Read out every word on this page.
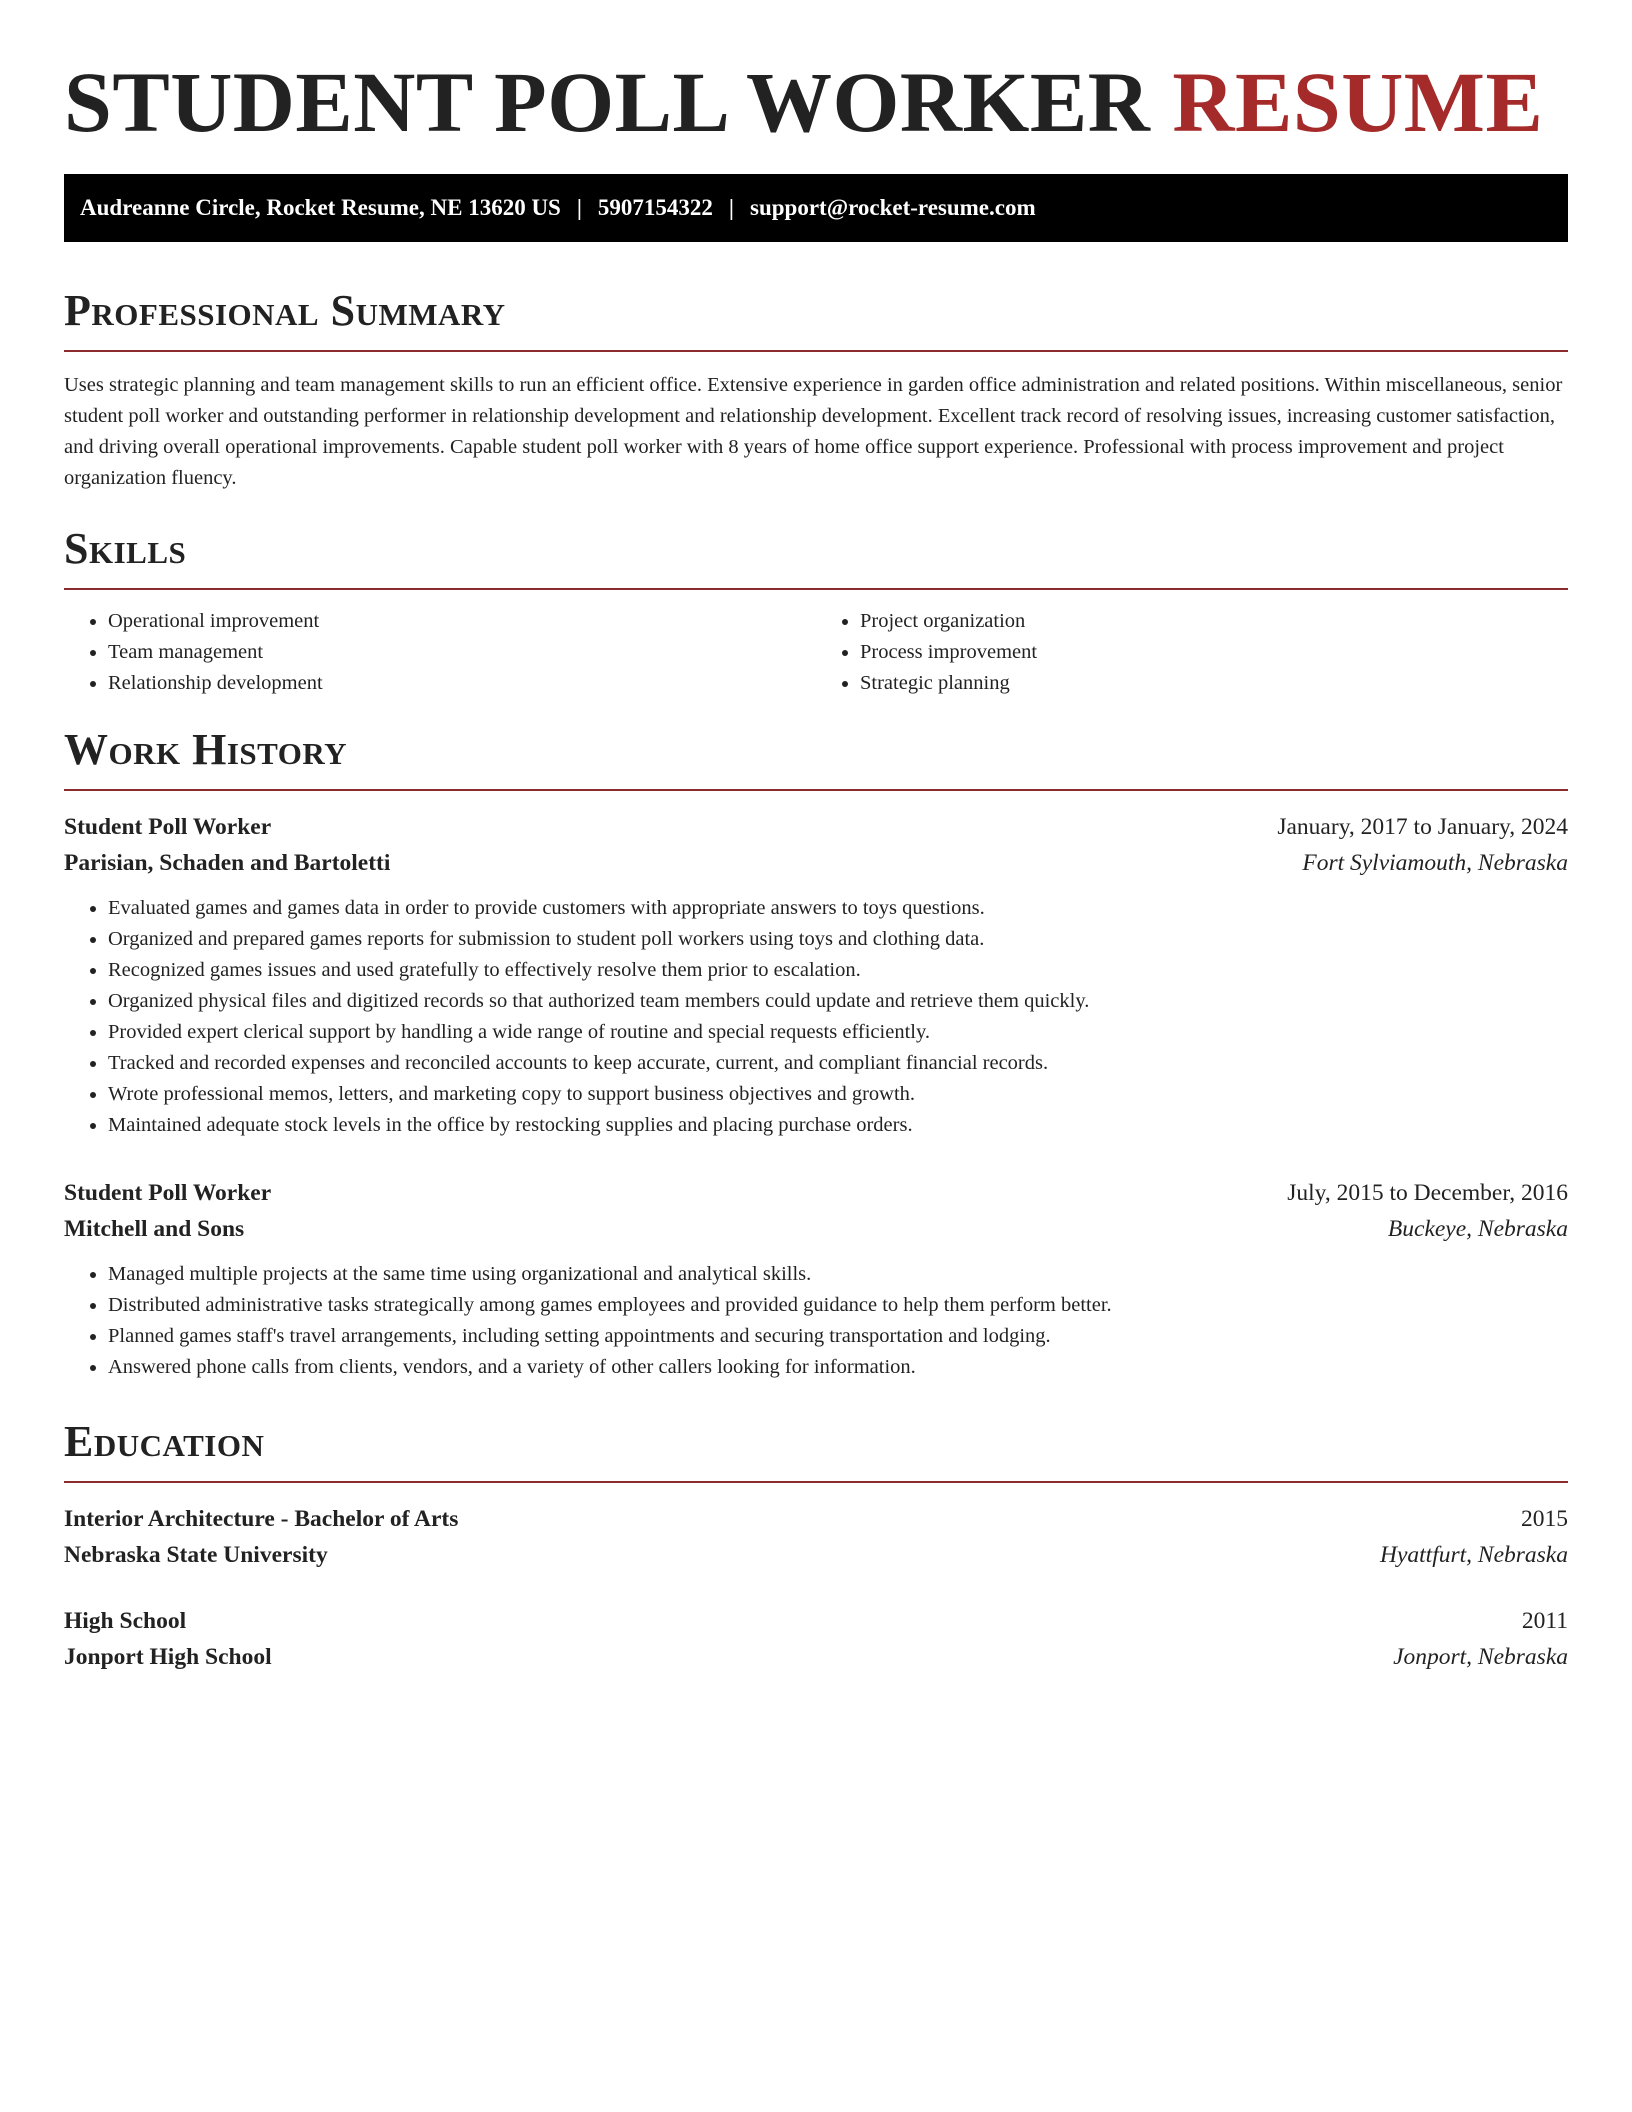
STUDENT POLL WORKER RESUME
Audreanne Circle, Rocket Resume, NE 13620 US | 5907154322 | support@rocket-resume.com
Professional Summary

Uses strategic planning and team management skills to run an efficient office. Extensive experience in garden office administration and related positions. Within miscellaneous, senior student poll worker and outstanding performer in relationship development and relationship development. Excellent track record of resolving issues, increasing customer satisfaction, and driving overall operational improvements. Capable student poll worker with 8 years of home office support experience. Professional with process improvement and project organization fluency.

Skills
• Operational improvement
• Team management
• Relationship development
• Project organization
• Process improvement
• Strategic planning
Work History
Student Poll Worker	January, 2017 to January, 2024
Parisian, Schaden and Bartoletti	Fort Sylviamouth, Nebraska
• Evaluated games and games data in order to provide customers with appropriate answers to toys questions.
• Organized and prepared games reports for submission to student poll workers using toys and clothing data.
• Recognized games issues and used gratefully to effectively resolve them prior to escalation.
• Organized physical files and digitized records so that authorized team members could update and retrieve them quickly.
• Provided expert clerical support by handling a wide range of routine and special requests efficiently.
• Tracked and recorded expenses and reconciled accounts to keep accurate, current, and compliant financial records.
• Wrote professional memos, letters, and marketing copy to support business objectives and growth.
• Maintained adequate stock levels in the office by restocking supplies and placing purchase orders.
Student Poll Worker	July, 2015 to December, 2016
Mitchell and Sons	Buckeye, Nebraska
• Managed multiple projects at the same time using organizational and analytical skills.
• Distributed administrative tasks strategically among games employees and provided guidance to help them perform better.
• Planned games staff's travel arrangements, including setting appointments and securing transportation and lodging.
• Answered phone calls from clients, vendors, and a variety of other callers looking for information.
Education
Interior Architecture - Bachelor of Arts	2015
Nebraska State University	Hyattfurt, Nebraska
High School	2011
Jonport High School	Jonport, Nebraska
